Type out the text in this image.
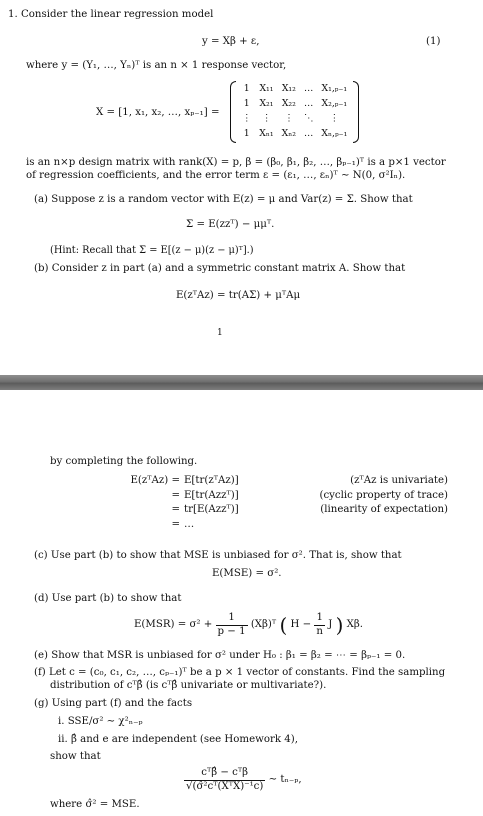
1. Consider the linear regression model
y = Xβ + ε,	(1)
where y = (Y₁, …, Yₙ)ᵀ is an n × 1 response vector,
X = [1, x₁, x₂, …, xₚ₋₁] =
1	X₁₁	X₁₂	…	X₁,ₚ₋₁
1	X₂₁	X₂₂	…	X₂,ₚ₋₁
⋮	⋮	⋮	⋱	⋮
1	Xₙ₁	Xₙ₂	…	Xₙ,ₚ₋₁
is an n×p design matrix with rank(X) = p, β = (β₀, β₁, β₂, …, βₚ₋₁)ᵀ is a p×1 vector
of regression coefficients, and the error term ε = (ε₁, …, εₙ)ᵀ ∼ N(0, σ²Iₙ).
(a) Suppose z is a random vector with E(z) = μ and Var(z) = Σ. Show that
Σ = E(zzᵀ) − μμᵀ.
(Hint: Recall that Σ = E[(z − μ)(z − μ)ᵀ].)
(b) Consider z in part (a) and a symmetric constant matrix A. Show that
E(zᵀAz) = tr(AΣ) + μᵀAμ
1
by completing the following.
E(zᵀAz) = E[tr(zᵀAz)]	(zᵀAz is univariate)
= E[tr(Azzᵀ)]	(cyclic property of trace)
= tr[E(Azzᵀ)]	(linearity of expectation)
= …
(c) Use part (b) to show that MSE is unbiased for σ². That is, show that
E(MSE) = σ².
(d) Use part (b) to show that
$E(MSR) = \sigma^2 + \frac{1}{p - 1}$ (Xβ)ᵀ ( $H - \frac{1}{n}$ J ) Xβ.
(e) Show that MSR is unbiased for σ² under H₀ : β₁ = β₂ = ⋯ = βₚ₋₁ = 0.
(f) Let c = (c₀, c₁, c₂, …, cₚ₋₁)ᵀ be a p × 1 vector of constants. Find the sampling
distribution of cᵀβ̂ (is cᵀβ̂ univariate or multivariate?).
(g) Using part (f) and the facts
i. SSE/σ² ∼ χ²ₙ₋ₚ
ii. β̂ and e are independent (see Homework 4),
show that
$\frac{\text{cᵀβ̂ − cᵀβ}}{\text{√(σ̂²cᵀ(XᵀX)⁻¹c)}}$ ∼ tₙ₋ₚ,
where σ̂² = MSE.
